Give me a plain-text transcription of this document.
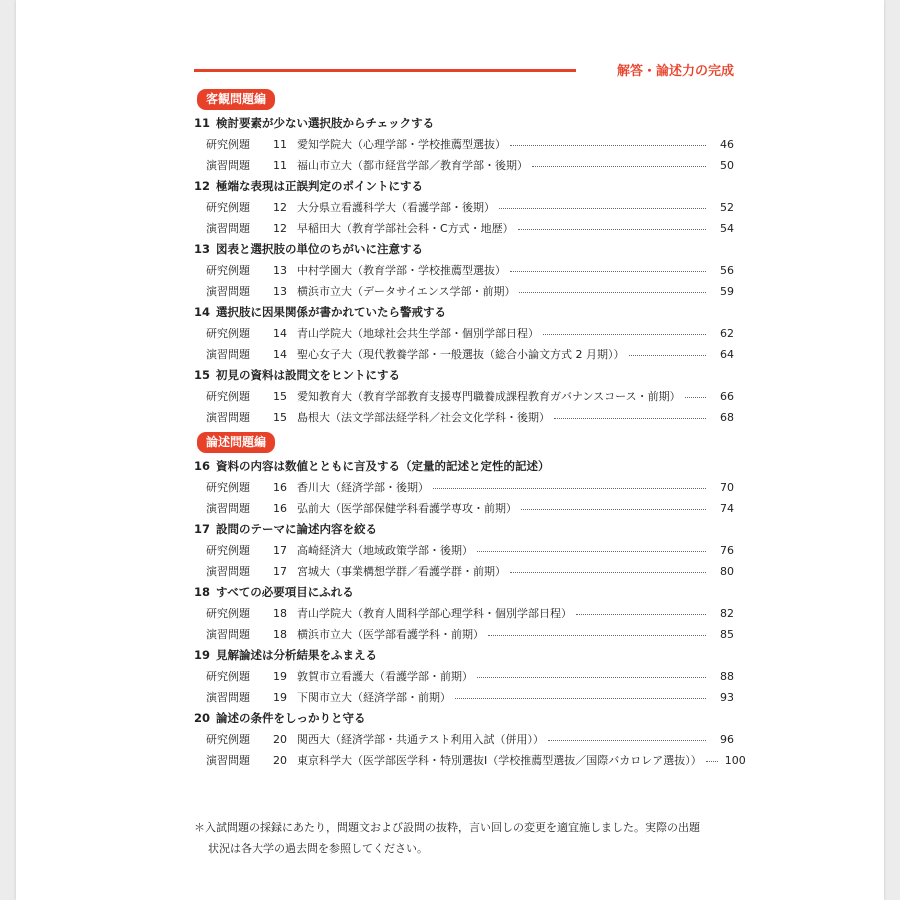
解答・論述力の完成
客観問題編
11 検討要素が少ない選択肢からチェックする
研究例題	11 愛知学院大（心理学部・学校推薦型選抜）	46
演習問題	11 福山市立大（都市経営学部／教育学部・後期）	50
12 極端な表現は正誤判定のポイントにする
研究例題	12 大分県立看護科学大（看護学部・後期）	52
演習問題	12 早稲田大（教育学部社会科・C方式・地歴）	54
13 図表と選択肢の単位のちがいに注意する
研究例題	13 中村学園大（教育学部・学校推薦型選抜）	56
演習問題	13 横浜市立大（データサイエンス学部・前期）	59
14 選択肢に因果関係が書かれていたら警戒する
研究例題	14 青山学院大（地球社会共生学部・個別学部日程）	62
演習問題	14 聖心女子大（現代教養学部・一般選抜（総合小論文方式 2 月期））	64
15 初見の資料は設問文をヒントにする
研究例題	15 愛知教育大（教育学部教育支援専門職養成課程教育ガバナンスコース・前期）	66
演習問題	15 島根大（法文学部法経学科／社会文化学科・後期）	68
論述問題編
16 資料の内容は数値とともに言及する（定量的記述と定性的記述）
研究例題	16 香川大（経済学部・後期）	70
演習問題	16 弘前大（医学部保健学科看護学専攻・前期）	74
17 設問のテーマに論述内容を絞る
研究例題	17 高崎経済大（地域政策学部・後期）	76
演習問題	17 宮城大（事業構想学群／看護学群・前期）	80
18 すべての必要項目にふれる
研究例題	18 青山学院大（教育人間科学部心理学科・個別学部日程）	82
演習問題	18 横浜市立大（医学部看護学科・前期）	85
19 見解論述は分析結果をふまえる
研究例題	19 敦賀市立看護大（看護学部・前期）	88
演習問題	19 下関市立大（経済学部・前期）	93
20 論述の条件をしっかりと守る
研究例題	20 関西大（経済学部・共通テスト利用入試（併用））	96
演習問題	20 東京科学大（医学部医学科・特別選抜Ⅰ（学校推薦型選抜／国際バカロレア選抜）） 100
＊入試問題の採録にあたり，問題文および設問の抜粋，言い回しの変更を適宜施しました。実際の出題
状況は各大学の過去問を参照してください。
